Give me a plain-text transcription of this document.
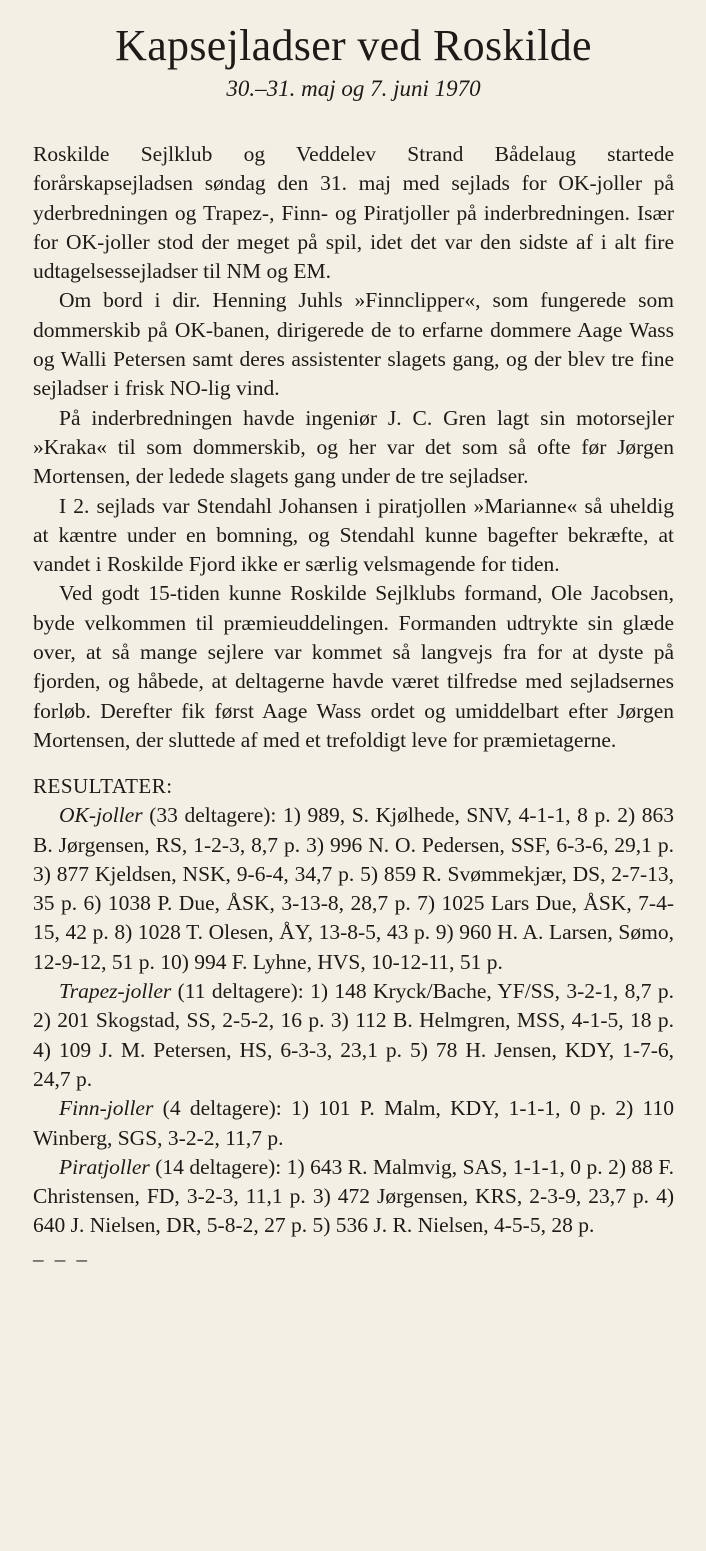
Kapsejladser ved Roskilde
30.–31. maj og 7. juni 1970

Roskilde Sejlklub og Veddelev Strand Bådelaug startede forårskapsejladsen søndag den 31. maj med sejlads for OK-joller på yderbredningen og Trapez-, Finn- og Piratjoller på inderbredningen. Især for OK-joller stod der meget på spil, idet det var den sidste af i alt fire udtagelsessejladser til NM og EM.

Om bord i dir. Henning Juhls »Finnclipper«, som fungerede som dommerskib på OK-banen, dirigerede de to erfarne dommere Aage Wass og Walli Petersen samt deres assistenter slagets gang, og der blev tre fine sejladser i frisk NO-lig vind.

På inderbredningen havde ingeniør J. C. Gren lagt sin motorsejler »Kraka« til som dommerskib, og her var det som så ofte før Jørgen Mortensen, der ledede slagets gang under de tre sejladser.

I 2. sejlads var Stendahl Johansen i piratjollen »Marianne« så uheldig at kæntre under en bomning, og Stendahl kunne bagefter bekræfte, at vandet i Roskilde Fjord ikke er særlig velsmagende for tiden.

Ved godt 15-tiden kunne Roskilde Sejlklubs formand, Ole Jacobsen, byde velkommen til præmieuddelingen. Formanden udtrykte sin glæde over, at så mange sejlere var kommet så langvejs fra for at dyste på fjorden, og håbede, at deltagerne havde været tilfredse med sejladsernes forløb. Derefter fik først Aage Wass ordet og umiddelbart efter Jørgen Mortensen, der sluttede af med et trefoldigt leve for præmietagerne.

RESULTATER:

OK-joller (33 deltagere): 1) 989, S. Kjølhede, SNV, 4-1-1, 8 p. 2) 863 B. Jørgensen, RS, 1-2-3, 8,7 p. 3) 996 N. O. Pedersen, SSF, 6-3-6, 29,1 p. 3) 877 Kjeldsen, NSK, 9-6-4, 34,7 p. 5) 859 R. Svømmekjær, DS, 2-7-13, 35 p. 6) 1038 P. Due, ÅSK, 3-13-8, 28,7 p. 7) 1025 Lars Due, ÅSK, 7-4-15, 42 p. 8) 1028 T. Olesen, ÅY, 13-8-5, 43 p. 9) 960 H. A. Larsen, Sømo, 12-9-12, 51 p. 10) 994 F. Lyhne, HVS, 10-12-11, 51 p.

Trapez-joller (11 deltagere): 1) 148 Kryck/Bache, YF/SS, 3-2-1, 8,7 p. 2) 201 Skogstad, SS, 2-5-2, 16 p. 3) 112 B. Helmgren, MSS, 4-1-5, 18 p. 4) 109 J. M. Petersen, HS, 6-3-3, 23,1 p. 5) 78 H. Jensen, KDY, 1-7-6, 24,7 p.

Finn-joller (4 deltagere): 1) 101 P. Malm, KDY, 1-1-1, 0 p. 2) 110 Winberg, SGS, 3-2-2, 11,7 p.

Piratjoller (14 deltagere): 1) 643 R. Malmvig, SAS, 1-1-1, 0 p. 2) 88 F. Christensen, FD, 3-2-3, 11,1 p. 3) 472 Jørgensen, KRS, 2-3-9, 23,7 p. 4) 640 J. Nielsen, DR, 5-8-2, 27 p. 5) 536 J. R. Nielsen, 4-5-5, 28 p.

– – –
